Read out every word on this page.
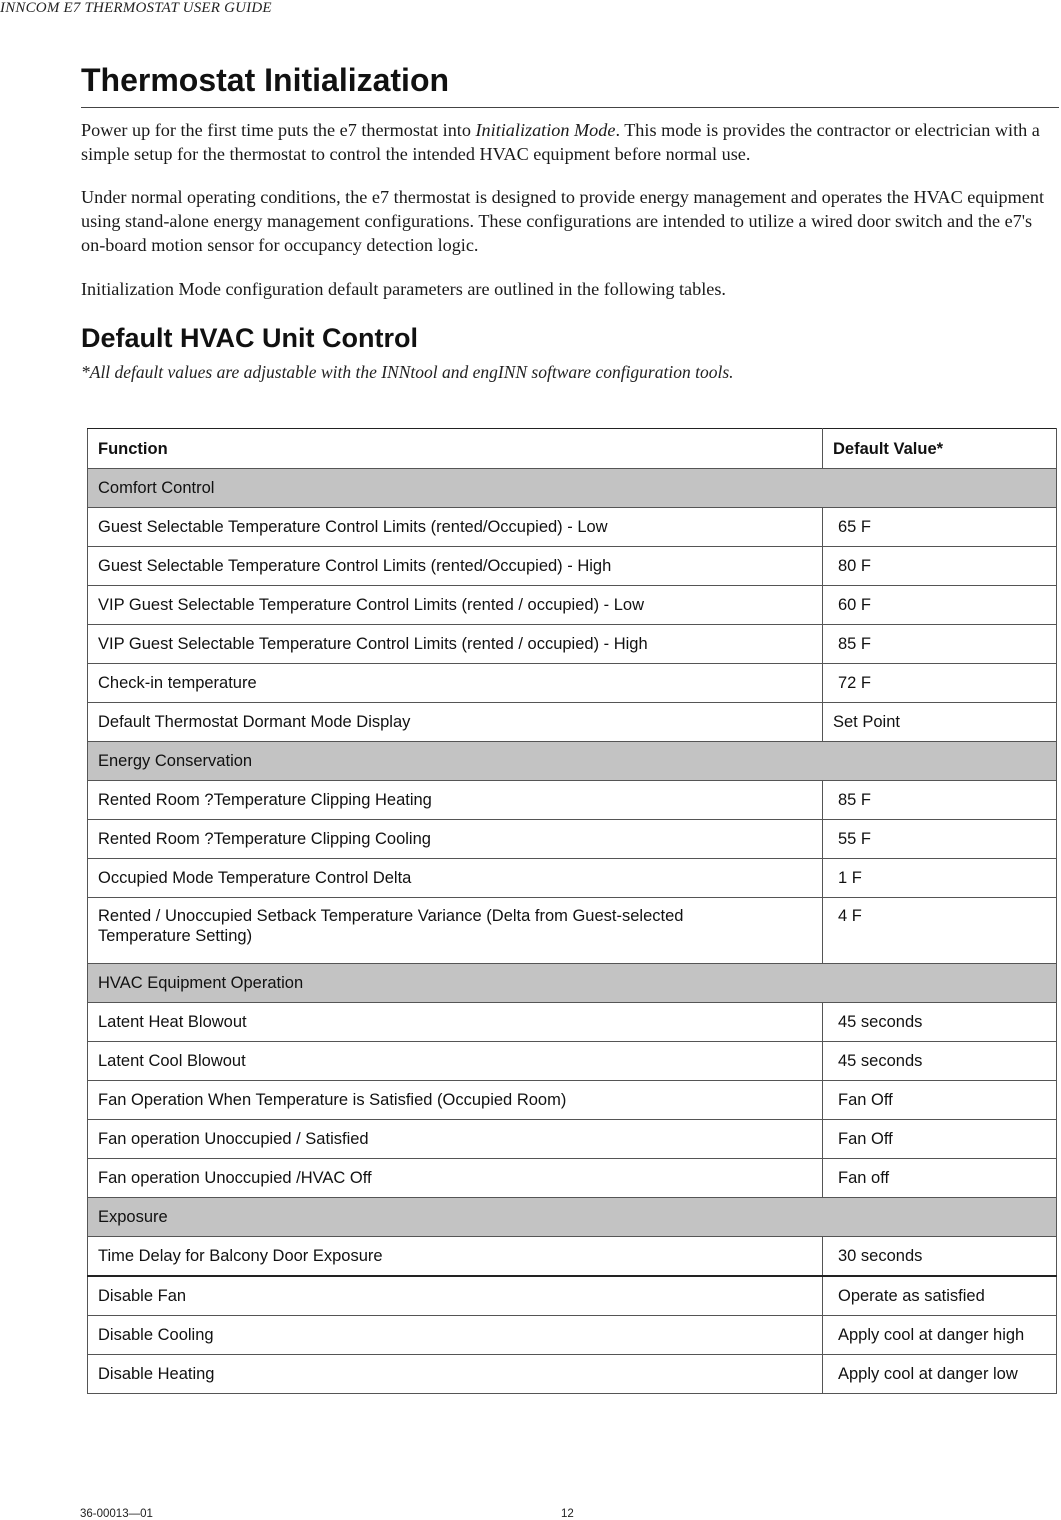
INNCOM E7 THERMOSTAT USER GUIDE
Thermostat Initialization

Power up for the first time puts the e7 thermostat into Initialization Mode. This mode is provides the contractor or electrician with a simple setup for the thermostat to control the intended HVAC equipment before normal use.

Under normal operating conditions, the e7 thermostat is designed to provide energy management and operates the HVAC equipment using stand-alone energy management configurations. These configurations are intended to utilize a wired door switch and the e7's on-board motion sensor for occupancy detection logic.

Initialization Mode configuration default parameters are outlined in the following tables.

Default HVAC Unit Control

*All default values are adjustable with the INNtool and engINN software configuration tools.

Function	Default Value*
Comfort Control	
Guest Selectable Temperature Control Limits (rented/Occupied) - Low	65 F
Guest Selectable Temperature Control Limits (rented/Occupied) - High	80 F
VIP Guest Selectable Temperature Control Limits (rented / occupied) - Low	60 F
VIP Guest Selectable Temperature Control Limits (rented / occupied) - High	85 F
Check-in temperature	72 F
Default Thermostat Dormant Mode Display	Set Point
Energy Conservation	
Rented Room ?Temperature Clipping Heating	85 F
Rented Room ?Temperature Clipping Cooling	55 F
Occupied Mode Temperature Control Delta	1 F
Rented / Unoccupied Setback Temperature Variance (Delta from Guest-selected Temperature Setting)	4 F
HVAC Equipment Operation	
Latent Heat Blowout	45 seconds
Latent Cool Blowout	45 seconds
Fan Operation When Temperature is Satisfied (Occupied Room)	Fan Off
Fan operation Unoccupied / Satisfied	Fan Off
Fan operation Unoccupied /HVAC Off	Fan off
Exposure	
Time Delay for Balcony Door Exposure	30 seconds
Disable Fan	Operate as satisfied
Disable Cooling	Apply cool at danger high
Disable Heating	Apply cool at danger low
36-00013—01	12
